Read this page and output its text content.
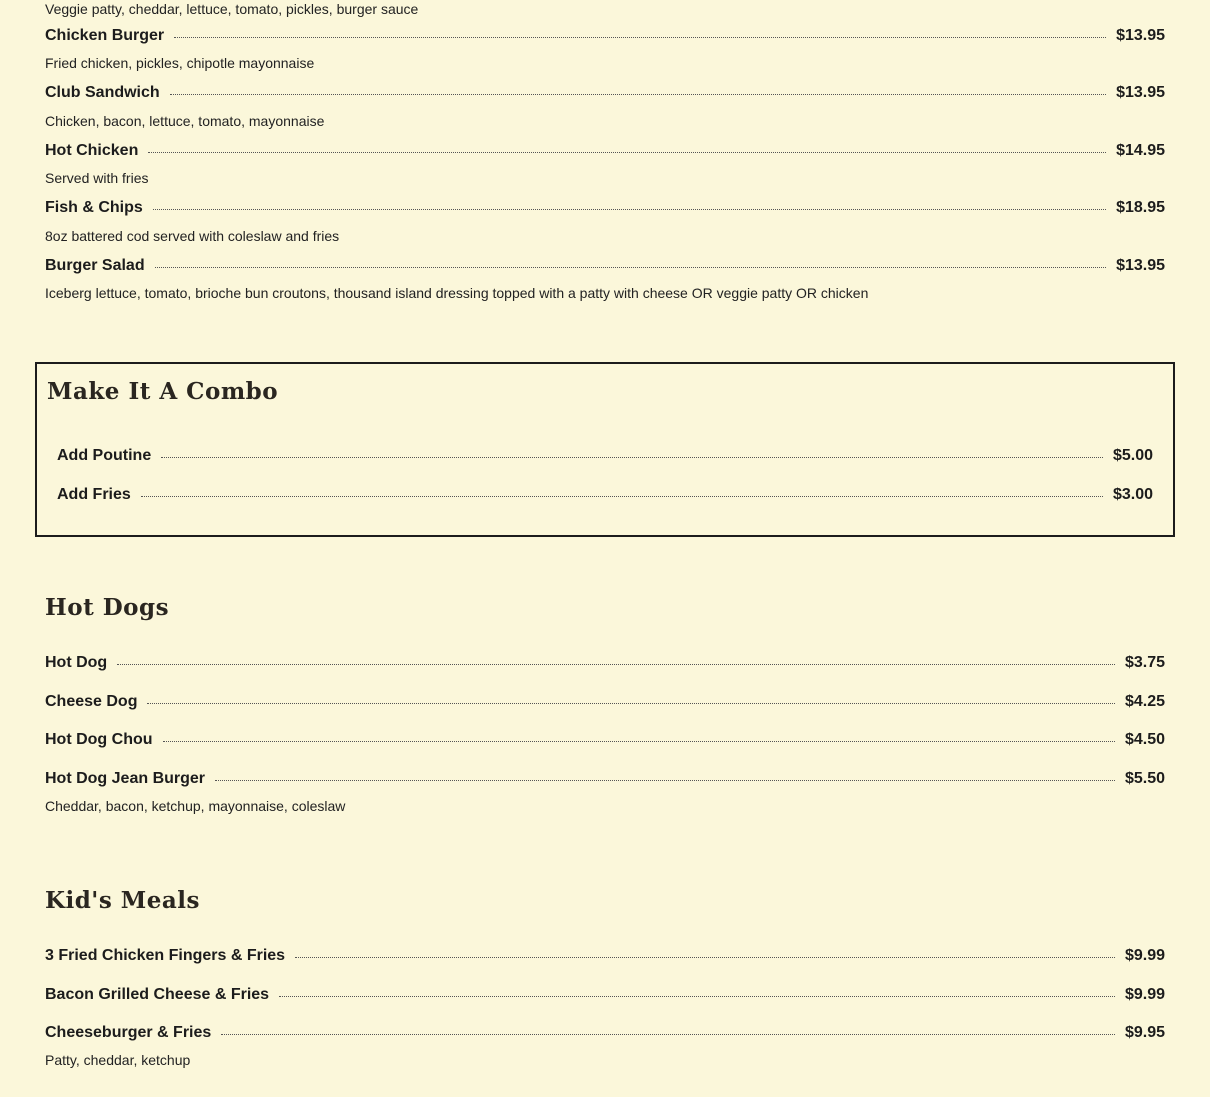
Veggie patty, cheddar, lettuce, tomato, pickles, burger sauce
Chicken Burger	$13.95
Fried chicken, pickles, chipotle mayonnaise
Club Sandwich	$13.95
Chicken, bacon, lettuce, tomato, mayonnaise
Hot Chicken	$14.95
Served with fries
Fish & Chips	$18.95
8oz battered cod served with coleslaw and fries
Burger Salad	$13.95
Iceberg lettuce, tomato, brioche bun croutons, thousand island dressing topped with a patty with cheese OR veggie patty OR chicken
Make It A Combo
Add Poutine	$5.00
Add Fries	$3.00
Hot Dogs
Hot Dog	$3.75
Cheese Dog	$4.25
Hot Dog Chou	$4.50
Hot Dog Jean Burger	$5.50
Cheddar, bacon, ketchup, mayonnaise, coleslaw
Kid's Meals
3 Fried Chicken Fingers & Fries	$9.99
Bacon Grilled Cheese & Fries	$9.99
Cheeseburger & Fries	$9.95
Patty, cheddar, ketchup
